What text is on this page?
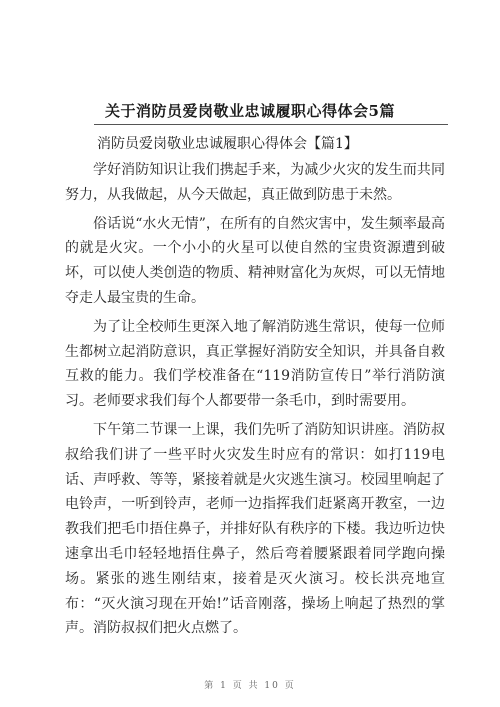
关于消防员爱岗敬业忠诚履职心得体会5篇
消防员爱岗敬业忠诚履职心得体会【篇1】

学好消防知识让我们携起手来，为减少火灾的发生而共同努力，从我做起，从今天做起，真正做到防患于未然。

俗话说“水火无情”，在所有的自然灾害中，发生频率最高的就是火灾。一个小小的火星可以使自然的宝贵资源遭到破坏，可以使人类创造的物质、精神财富化为灰烬，可以无情地夺走人最宝贵的生命。

为了让全校师生更深入地了解消防逃生常识，使每一位师生都树立起消防意识，真正掌握好消防安全知识，并具备自救互救的能力。我们学校准备在“119消防宣传日”举行消防演习。老师要求我们每个人都要带一条毛巾，到时需要用。

下午第二节课一上课，我们先听了消防知识讲座。消防叔叔给我们讲了一些平时火灾发生时应有的常识：如打119电话、声呼救、等等，紧接着就是火灾逃生演习。校园里响起了电铃声，一听到铃声，老师一边指挥我们赶紧离开教室，一边教我们把毛巾捂住鼻子，并排好队有秩序的下楼。我边听边快速拿出毛巾轻轻地捂住鼻子，然后弯着腰紧跟着同学跑向操场。紧张的逃生刚结束，接着是灭火演习。校长洪亮地宣布：“灭火演习现在开始!”话音刚落，操场上响起了热烈的掌声。消防叔叔们把火点燃了。

第 1 页 共 10 页
